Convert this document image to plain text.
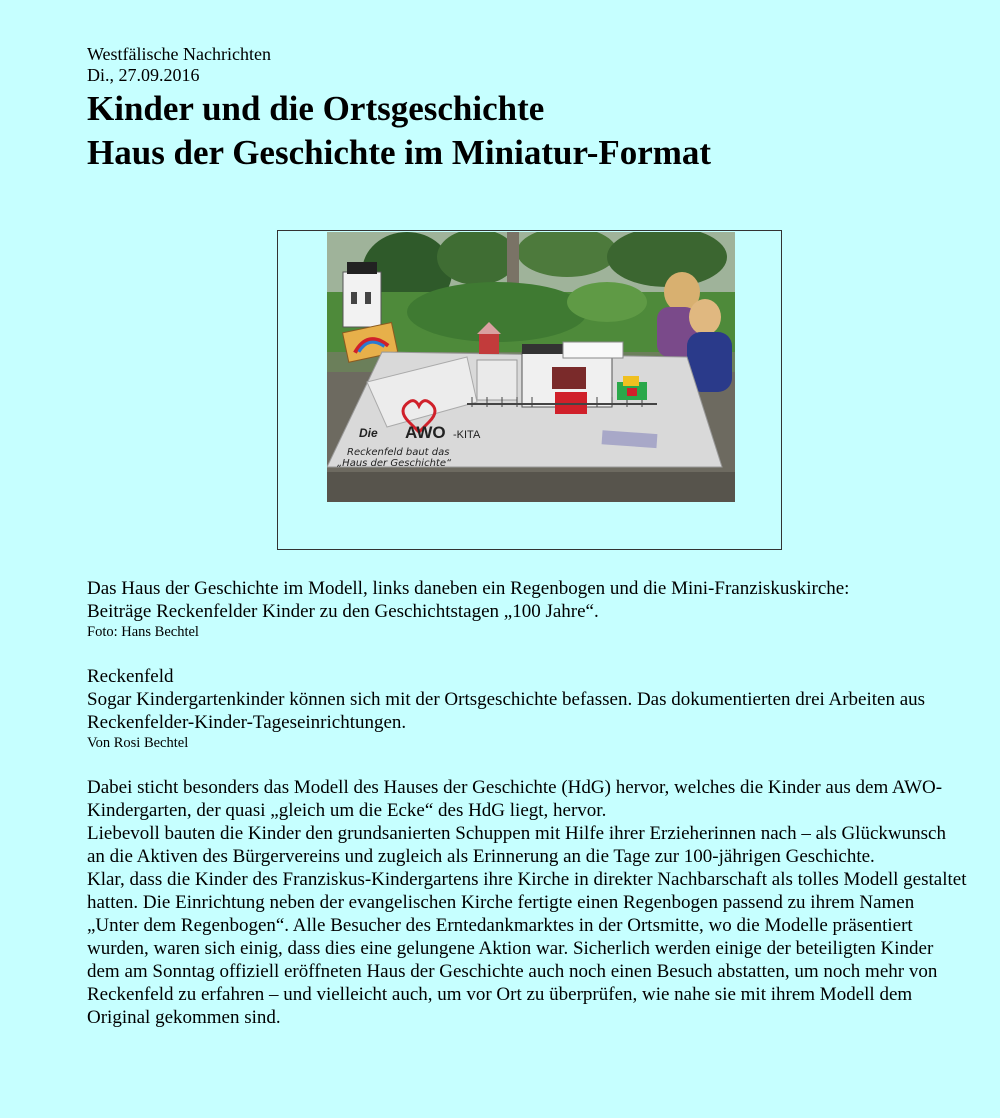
Westfälische Nachrichten
Di., 27.09.2016
Kinder und die Ortsgeschichte
Haus der Geschichte im Miniatur-Format
Die AWO -KITA
Reckenfeld baut das
„Haus der Geschichte“
Das Haus der Geschichte im Modell, links daneben ein Regenbogen und die Mini-Franziskuskirche:
Beiträge Reckenfelder Kinder zu den Geschichtstagen „100 Jahre“.
Foto: Hans Bechtel
Reckenfeld
Sogar Kindergartenkinder können sich mit der Ortsgeschichte befassen. Das dokumentierten drei Arbeiten aus Reckenfelder-Kinder-Tageseinrichtungen.
Von Rosi Bechtel

Dabei sticht besonders das Modell des Hauses der Geschichte (HdG) hervor, welches die Kinder aus dem AWO-Kindergarten, der quasi „gleich um die Ecke“ des HdG liegt, hervor.

Liebevoll bauten die Kinder den grundsanierten Schuppen mit Hilfe ihrer Erzieherinnen nach – als Glückwunsch an die Aktiven des Bürgervereins und zugleich als Erinnerung an die Tage zur 100-jährigen Geschichte.

Klar, dass die Kinder des Franziskus-Kindergartens ihre Kirche in direkter Nachbarschaft als tolles Modell gestaltet hatten. Die Einrichtung neben der evangelischen Kirche fertigte einen Regenbogen passend zu ihrem Namen „Unter dem Regenbogen“. Alle Besucher des Erntedankmarktes in der Ortsmitte, wo die Modelle präsentiert wurden, waren sich einig, dass dies eine gelungene Aktion war. Sicherlich werden einige der beteiligten Kinder dem am Sonntag offiziell eröffneten Haus der Geschichte auch noch einen Besuch abstatten, um noch mehr von Reckenfeld zu erfahren – und vielleicht auch, um vor Ort zu überprüfen, wie nahe sie mit ihrem Modell dem Original gekommen sind.
